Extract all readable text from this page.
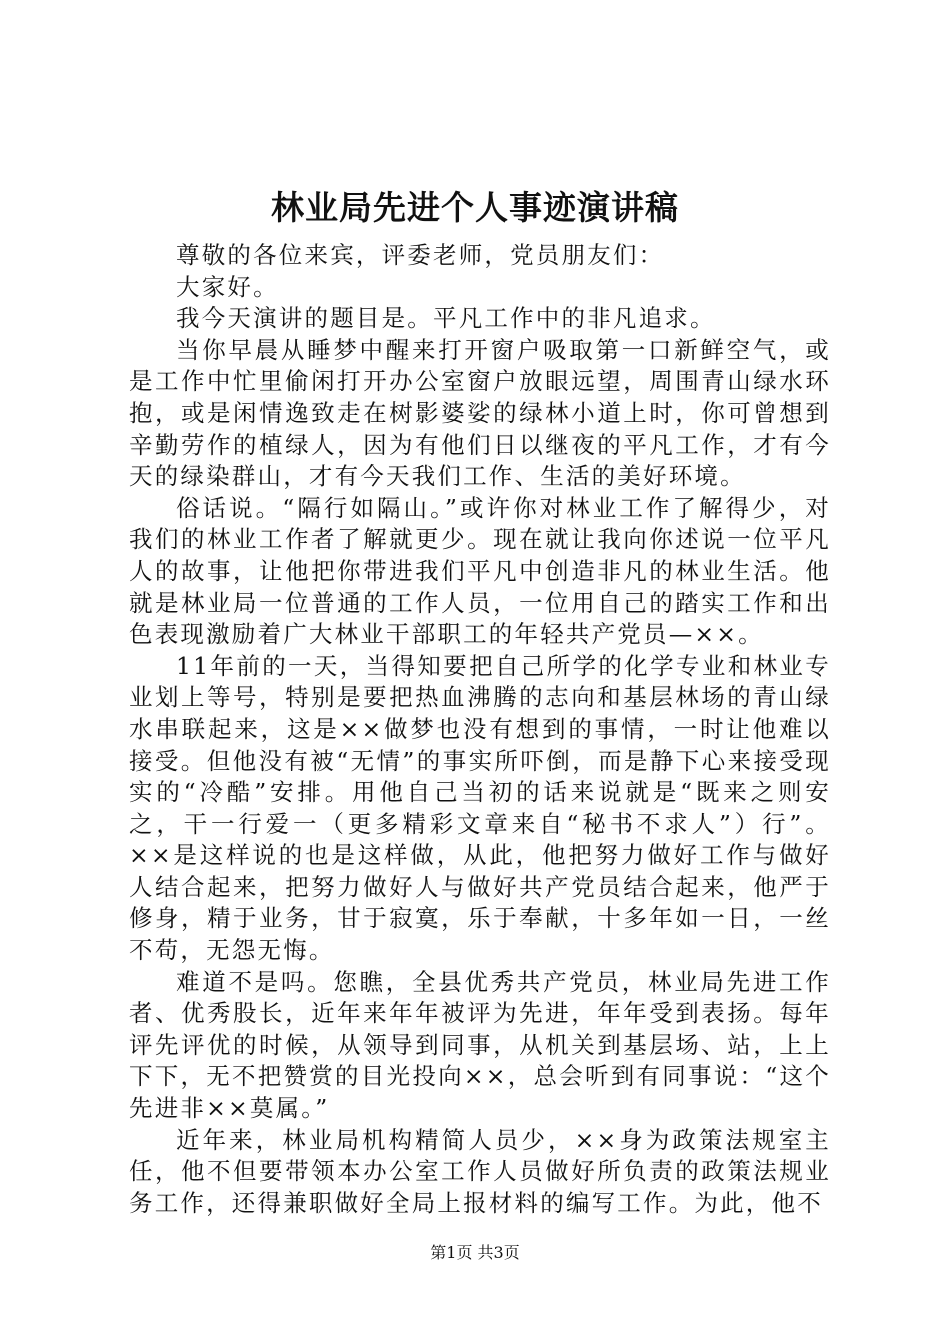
林业局先进个人事迹演讲稿

尊敬的各位来宾，评委老师，党员朋友们：

大家好。

我今天演讲的题目是。平凡工作中的非凡追求。

当你早晨从睡梦中醒来打开窗户吸取第一口新鲜空气，或是工作中忙里偷闲打开办公室窗户放眼远望，周围青山绿水环抱，或是闲情逸致走在树影婆娑的绿林小道上时，你可曾想到辛勤劳作的植绿人，因为有他们日以继夜的平凡工作，才有今天的绿染群山，才有今天我们工作、生活的美好环境。

俗话说。“隔行如隔山。”或许你对林业工作了解得少，对我们的林业工作者了解就更少。现在就让我向你述说一位平凡人的故事，让他把你带进我们平凡中创造非凡的林业生活。他就是林业局一位普通的工作人员，一位用自己的踏实工作和出色表现激励着广大林业干部职工的年轻共产党员—××。

11年前的一天，当得知要把自己所学的化学专业和林业专业划上等号，特别是要把热血沸腾的志向和基层林场的青山绿水串联起来，这是××做梦也没有想到的事情，一时让他难以接受。但他没有被“无情”的事实所吓倒，而是静下心来接受现实的“冷酷”安排。用他自己当初的话来说就是“既来之则安之，干一行爱一（更多精彩文章来自“秘书不求人”）行”。××是这样说的也是这样做，从此，他把努力做好工作与做好人结合起来，把努力做好人与做好共产党员结合起来，他严于修身，精于业务，甘于寂寞，乐于奉献，十多年如一日，一丝不苟，无怨无悔。

难道不是吗。您瞧，全县优秀共产党员，林业局先进工作者、优秀股长，近年来年年被评为先进，年年受到表扬。每年评先评优的时候，从领导到同事，从机关到基层场、站，上上下下，无不把赞赏的目光投向××，总会听到有同事说：“这个先进非××莫属。”

近年来，林业局机构精简人员少，××身为政策法规室主任，他不但要带领本办公室工作人员做好所负责的政策法规业务工作，还得兼职做好全局上报材料的编写工作。为此，他不

第1页 共3页
